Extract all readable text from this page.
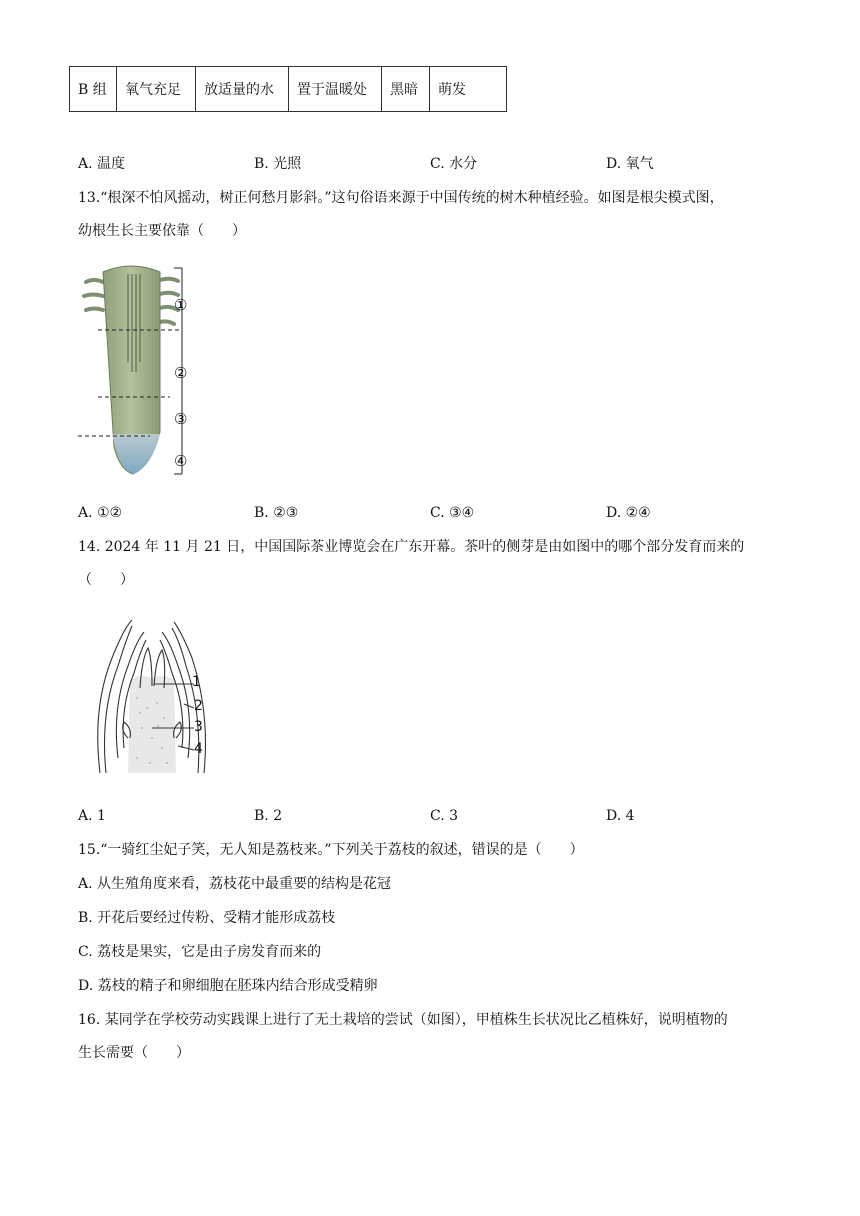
B 组	氧气充足	放适量的水	置于温暖处	黑暗	萌发
A. 温度	B. 光照	C. 水分	D. 氧气
13.“根深不怕风摇动，树正何愁月影斜。”这句俗语来源于中国传统的树木种植经验。如图是根尖模式图，
幼根生长主要依靠（　　）
①
②
③
④
A. ①②	B. ②③	C. ③④	D. ②④
14. 2024 年 11 月 21 日，中国国际茶业博览会在广东开幕。茶叶的侧芽是由如图中的哪个部分发育而来的
（　　）
1
2
3
4
A. 1	B. 2	C. 3	D. 4
15.“一骑红尘妃子笑，无人知是荔枝来。”下列关于荔枝的叙述，错误的是（　　）
A. 从生殖角度来看，荔枝花中最重要的结构是花冠
B. 开花后要经过传粉、受精才能形成荔枝
C. 荔枝是果实，它是由子房发育而来的
D. 荔枝的精子和卵细胞在胚珠内结合形成受精卵
16. 某同学在学校劳动实践课上进行了无土栽培的尝试（如图），甲植株生长状况比乙植株好，说明植物的
生长需要（　　）
